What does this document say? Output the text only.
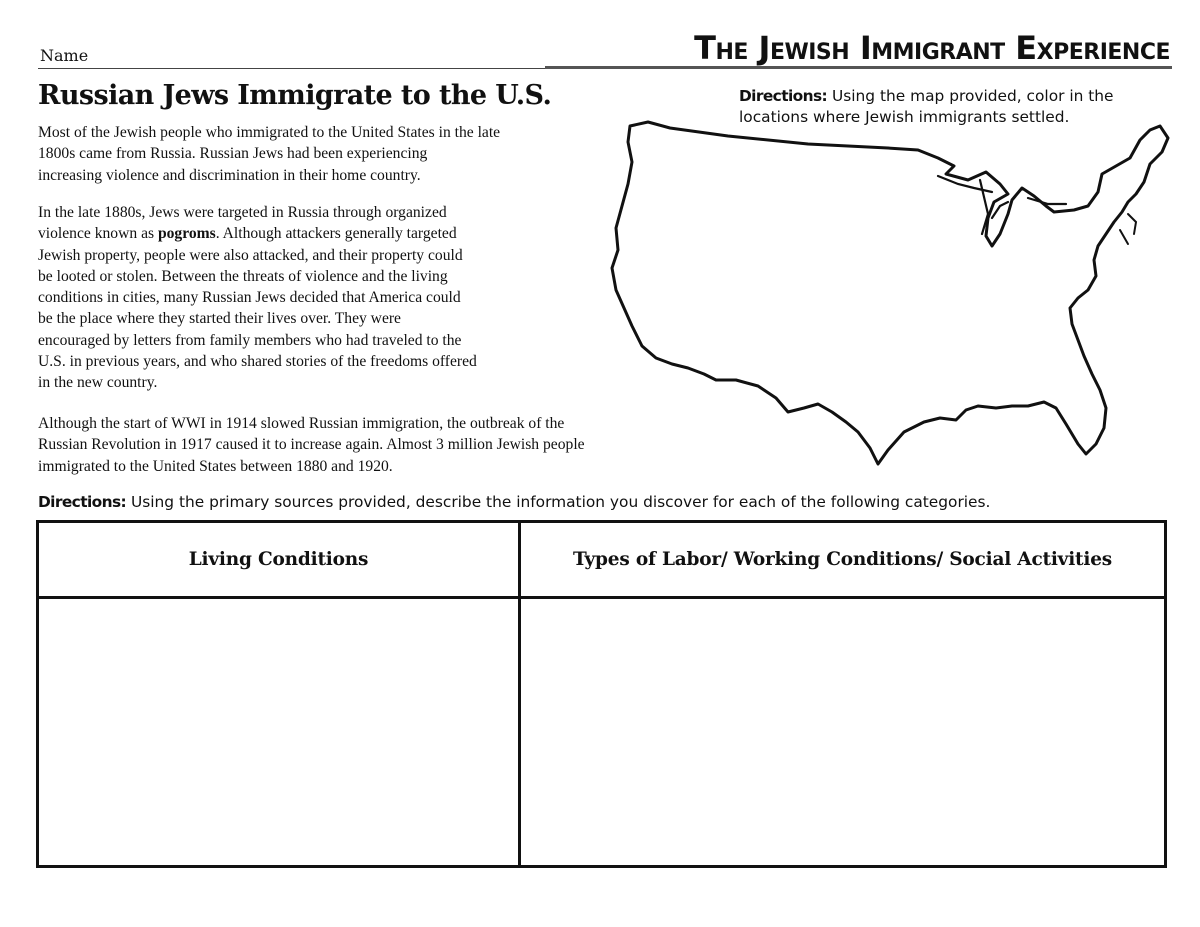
Name	The Jewish Immigrant Experience
Russian Jews Immigrate to the U.S.

Most of the Jewish people who immigrated to the United States in the late
1800s came from Russia. Russian Jews had been experiencing
increasing violence and discrimination in their home country.

In the late 1880s, Jews were targeted in Russia through organized
violence known as pogroms. Although attackers generally targeted
Jewish property, people were also attacked, and their property could
be looted or stolen. Between the threats of violence and the living
conditions in cities, many Russian Jews decided that America could
be the place where they started their lives over. They were
encouraged by letters from family members who had traveled to the
U.S. in previous years, and who shared stories of the freedoms offered
in the new country.

Although the start of WWI in 1914 slowed Russian immigration, the outbreak of the
Russian Revolution in 1917 caused it to increase again. Almost 3 million Jewish people
immigrated to the United States between 1880 and 1920.

Directions: Using the map provided, color in the
locations where Jewish immigrants settled.
Directions: Using the primary sources provided, describe the information you discover for each of the following categories.
Living Conditions	Types of Labor/ Working Conditions/ Social Activities
